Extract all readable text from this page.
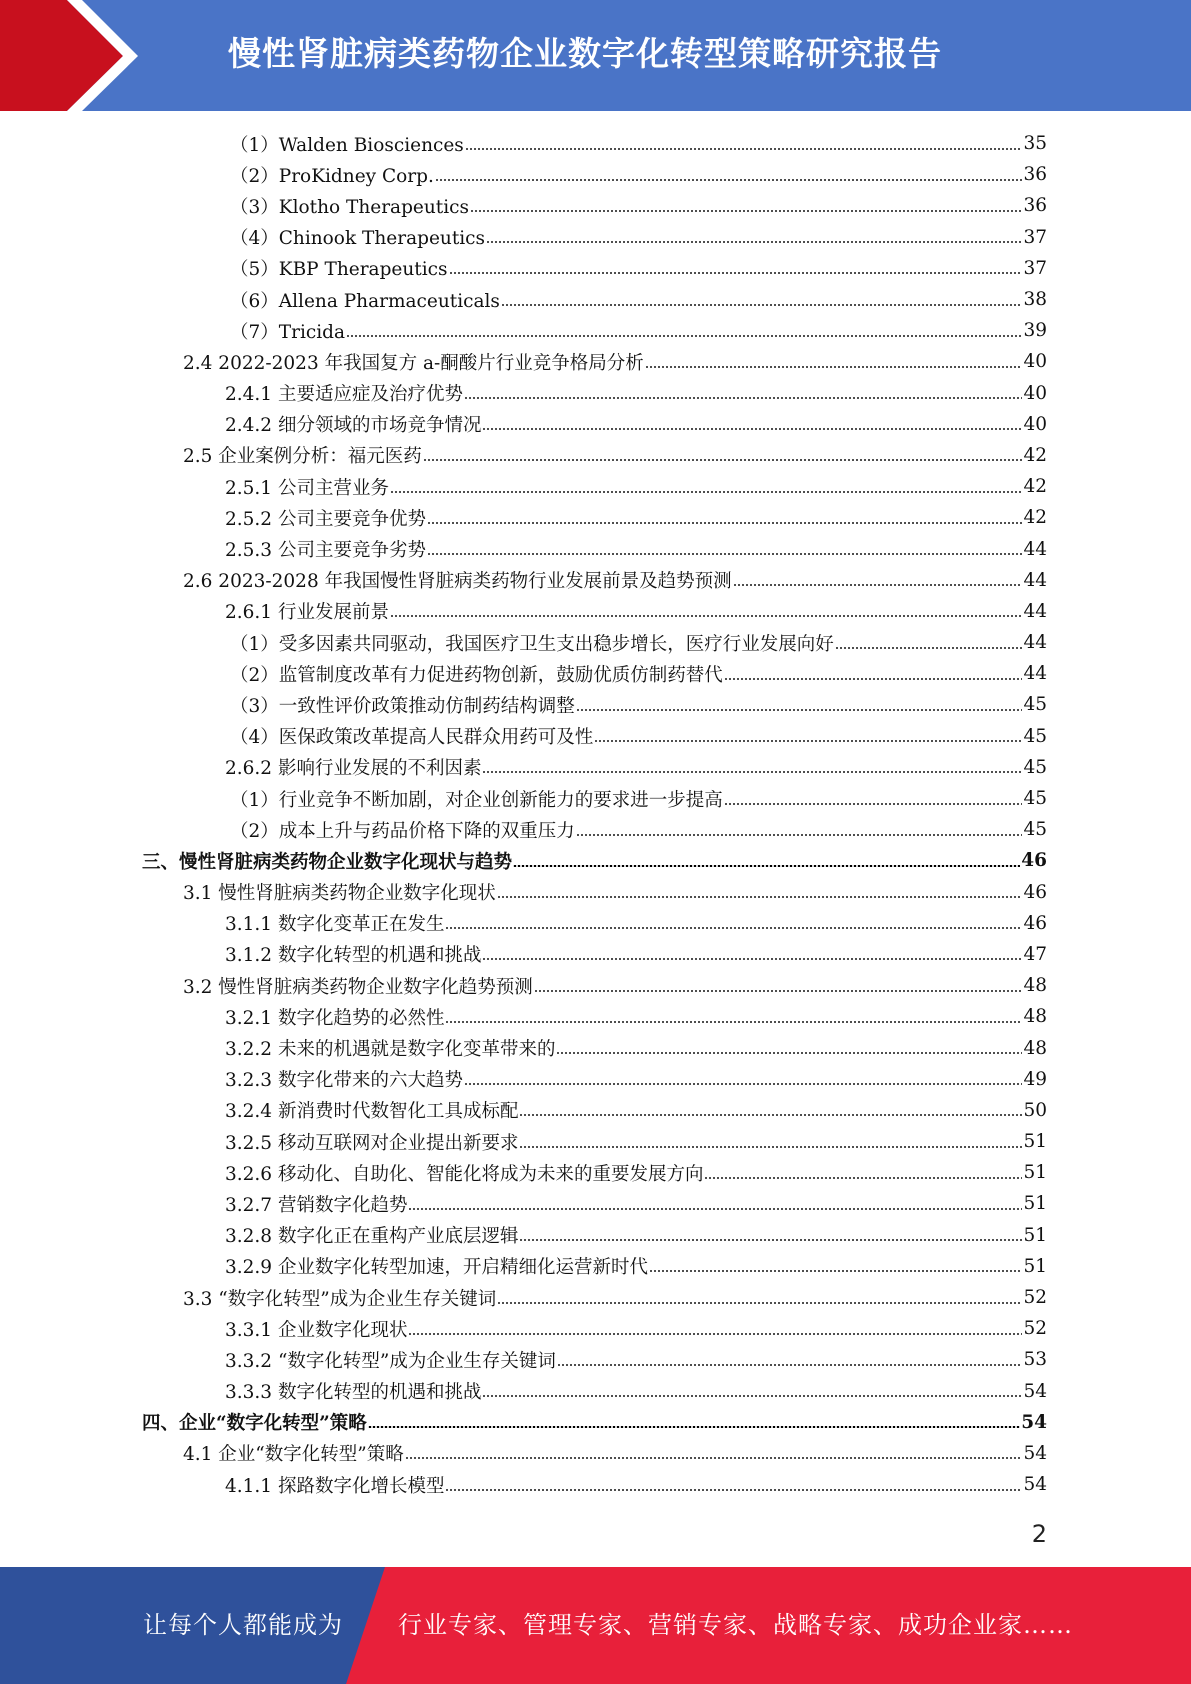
慢性肾脏病类药物企业数字化转型策略研究报告
（1）Walden Biosciences	35
（2）ProKidney Corp.	36
（3）Klotho Therapeutics	36
（4）Chinook Therapeutics	37
（5）KBP Therapeutics	37
（6）Allena Pharmaceuticals	38
（7）Tricida	39
2.4 2022-2023 年我国复方 a-酮酸片行业竞争格局分析	40
2.4.1 主要适应症及治疗优势	40
2.4.2 细分领域的市场竞争情况	40
2.5 企业案例分析：福元医药	42
2.5.1 公司主营业务	42
2.5.2 公司主要竞争优势	42
2.5.3 公司主要竞争劣势	44
2.6 2023-2028 年我国慢性肾脏病类药物行业发展前景及趋势预测	44
2.6.1 行业发展前景	44
（1）受多因素共同驱动，我国医疗卫生支出稳步增长，医疗行业发展向好	44
（2）监管制度改革有力促进药物创新，鼓励优质仿制药替代	44
（3）一致性评价政策推动仿制药结构调整	45
（4）医保政策改革提高人民群众用药可及性	45
2.6.2 影响行业发展的不利因素	45
（1）行业竞争不断加剧，对企业创新能力的要求进一步提高	45
（2）成本上升与药品价格下降的双重压力	45
三、慢性肾脏病类药物企业数字化现状与趋势	46
3.1 慢性肾脏病类药物企业数字化现状	46
3.1.1 数字化变革正在发生	46
3.1.2 数字化转型的机遇和挑战	47
3.2 慢性肾脏病类药物企业数字化趋势预测	48
3.2.1 数字化趋势的必然性	48
3.2.2 未来的机遇就是数字化变革带来的	48
3.2.3 数字化带来的六大趋势	49
3.2.4 新消费时代数智化工具成标配	50
3.2.5 移动互联网对企业提出新要求	51
3.2.6 移动化、自助化、智能化将成为未来的重要发展方向	51
3.2.7 营销数字化趋势	51
3.2.8 数字化正在重构产业底层逻辑	51
3.2.9 企业数字化转型加速，开启精细化运营新时代	51
3.3 “数字化转型”成为企业生存关键词	52
3.3.1 企业数字化现状	52
3.3.2 “数字化转型”成为企业生存关键词	53
3.3.3 数字化转型的机遇和挑战	54
四、企业“数字化转型”策略	54
4.1 企业“数字化转型”策略	54
4.1.1 探路数字化增长模型	54
2
让每个人都能成为 行业专家、管理专家、营销专家、战略专家、成功企业家……
